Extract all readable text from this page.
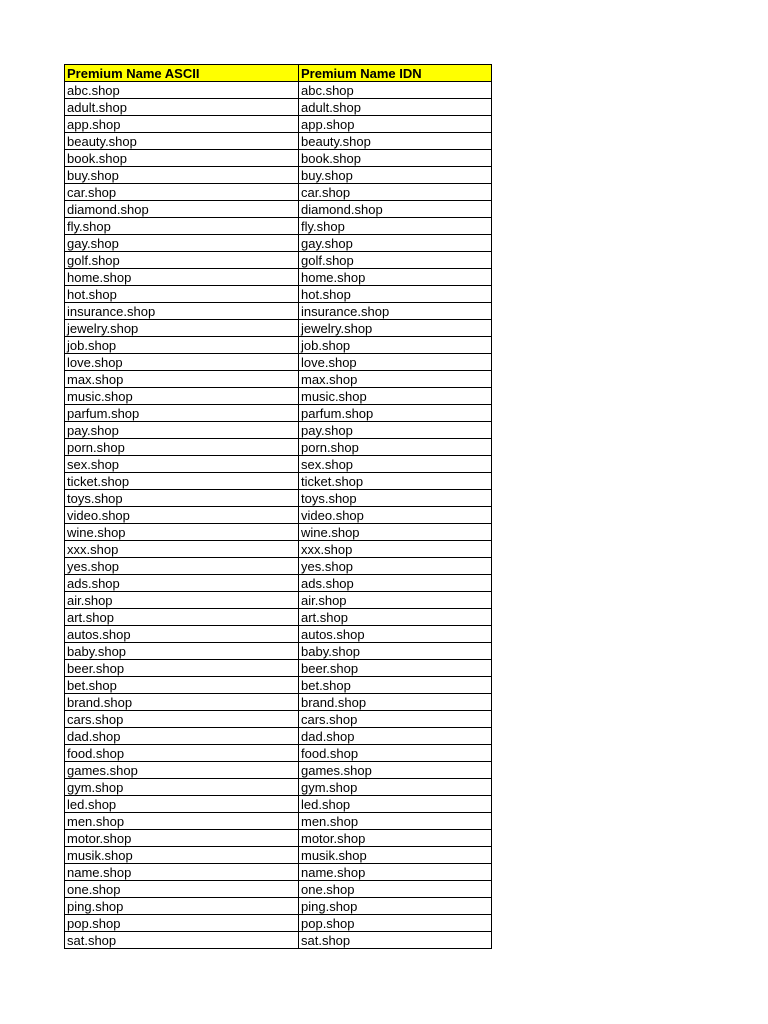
Premium Name ASCII	Premium Name IDN
abc.shop	abc.shop
adult.shop	adult.shop
app.shop	app.shop
beauty.shop	beauty.shop
book.shop	book.shop
buy.shop	buy.shop
car.shop	car.shop
diamond.shop	diamond.shop
fly.shop	fly.shop
gay.shop	gay.shop
golf.shop	golf.shop
home.shop	home.shop
hot.shop	hot.shop
insurance.shop	insurance.shop
jewelry.shop	jewelry.shop
job.shop	job.shop
love.shop	love.shop
max.shop	max.shop
music.shop	music.shop
parfum.shop	parfum.shop
pay.shop	pay.shop
porn.shop	porn.shop
sex.shop	sex.shop
ticket.shop	ticket.shop
toys.shop	toys.shop
video.shop	video.shop
wine.shop	wine.shop
xxx.shop	xxx.shop
yes.shop	yes.shop
ads.shop	ads.shop
air.shop	air.shop
art.shop	art.shop
autos.shop	autos.shop
baby.shop	baby.shop
beer.shop	beer.shop
bet.shop	bet.shop
brand.shop	brand.shop
cars.shop	cars.shop
dad.shop	dad.shop
food.shop	food.shop
games.shop	games.shop
gym.shop	gym.shop
led.shop	led.shop
men.shop	men.shop
motor.shop	motor.shop
musik.shop	musik.shop
name.shop	name.shop
one.shop	one.shop
ping.shop	ping.shop
pop.shop	pop.shop
sat.shop	sat.shop
